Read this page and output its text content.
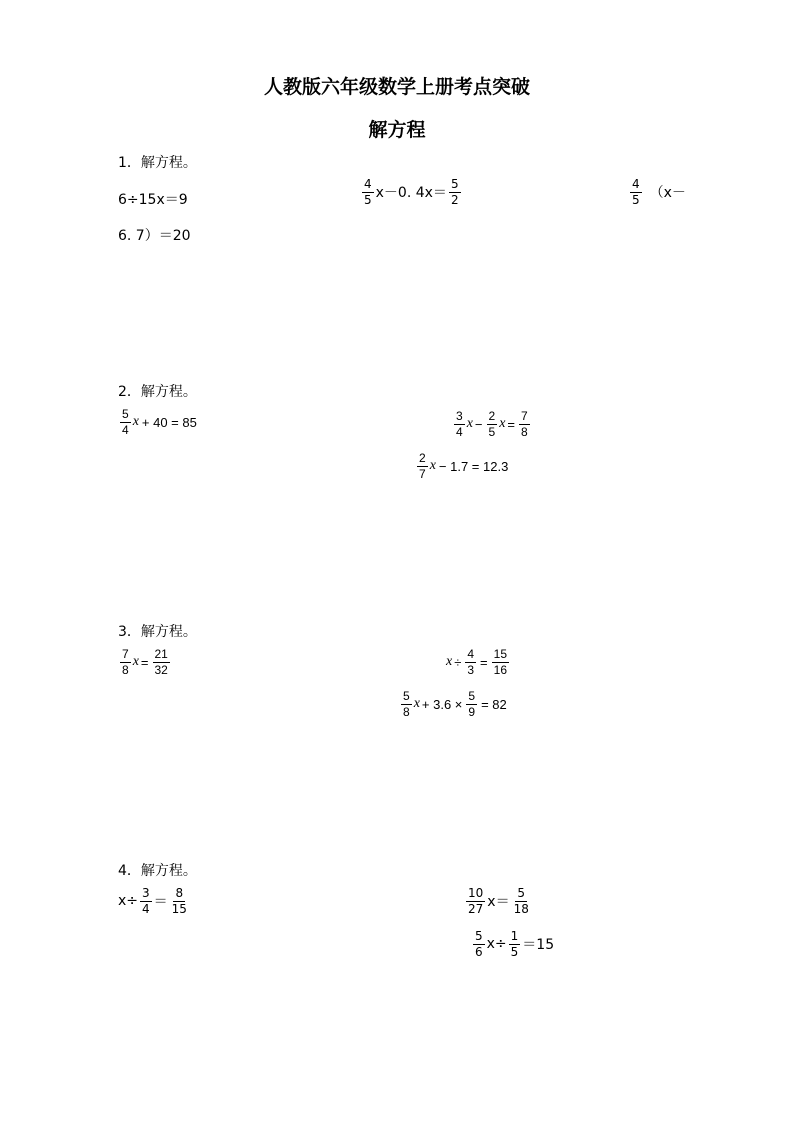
人教版六年级数学上册考点突破
解方程
1．解方程。
6÷15x＝9	$\frac{4}{5} x-0$. $4x= \frac{5}{2}$	$\frac{4}{5} (x-$
6. 7）＝20
2．解方程。
$\frac{5}{4}$ x + 40 = 85	$\frac{3}{4}$ $x - \frac{2}{5}$ $x = \frac{7}{8}$
$\frac{2}{7}$ x − 1.7 = 12.3
3．解方程。
$\frac{7}{8}$ $x = \frac{21}{32}$	$x \div \frac{4}{3} = \frac{15}{16}$
$\frac{5}{8}$ $x + 3.6 \times \frac{5}{9} = 82$
4．解方程。
$x\div \frac{3}{4} = \frac{8}{15}$	$\frac{10}{27} x= \frac{5}{18}$
$\frac{5}{6} x\div \frac{1}{5} =15$
